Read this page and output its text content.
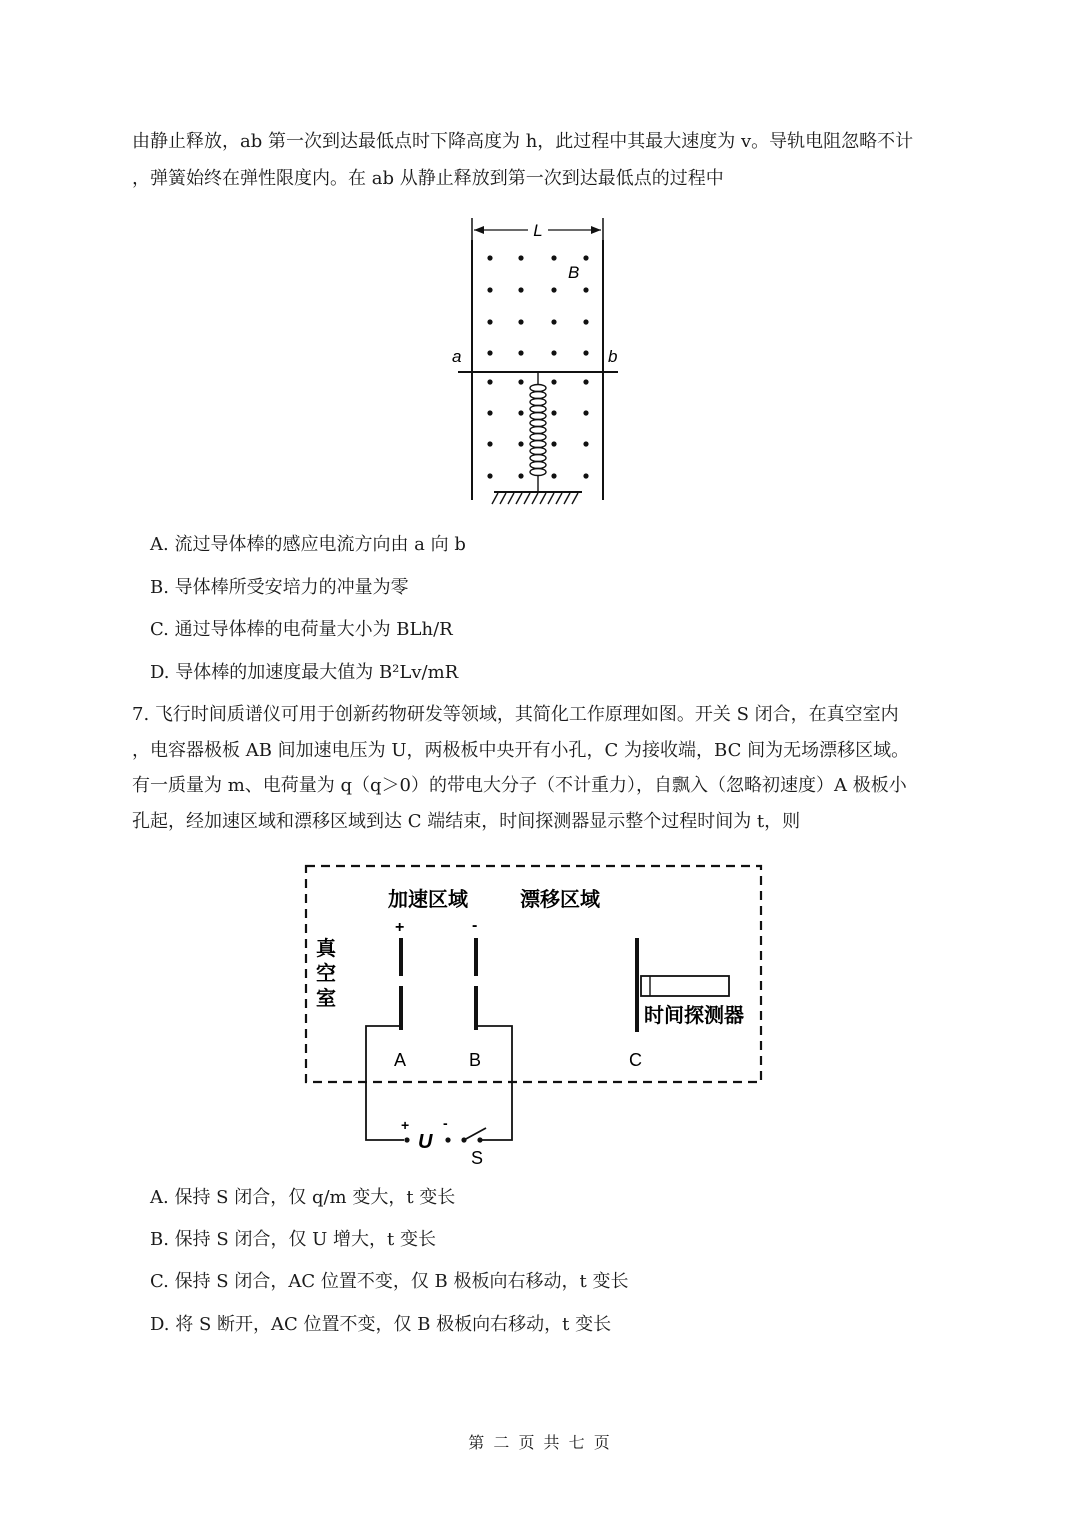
由静止释放，ab 第一次到达最低点时下降高度为 h，此过程中其最大速度为 v。导轨电阻忽略不计
，弹簧始终在弹性限度内。在 ab 从静止释放到第一次到达最低点的过程中
L
B
a	b
A. 流过导体棒的感应电流方向由 a 向 b
B. 导体棒所受安培力的冲量为零
C. 通过导体棒的电荷量大小为 BLh/R
D. 导体棒的加速度最大值为 B²Lv/mR
7. 飞行时间质谱仪可用于创新药物研发等领域，其简化工作原理如图。开关 S 闭合，在真空室内
，电容器极板 AB 间加速电压为 U，两极板中央开有小孔，C 为接收端，BC 间为无场漂移区域。
有一质量为 m、电荷量为 q（q＞0）的带电大分子（不计重力），自飘入（忽略初速度）A 极板小
孔起，经加速区域和漂移区域到达 C 端结束，时间探测器显示整个过程时间为 t，则
加速区域	漂移区域
真
空
室
+
A
-
B
时间探测器
C
+
U
-
S
A. 保持 S 闭合，仅 q/m 变大，t 变长
B. 保持 S 闭合，仅 U 增大，t 变长
C. 保持 S 闭合，AC 位置不变，仅 B 极板向右移动，t 变长
D. 将 S 断开，AC 位置不变，仅 B 极板向右移动，t 变长
第 二 页 共 七 页
